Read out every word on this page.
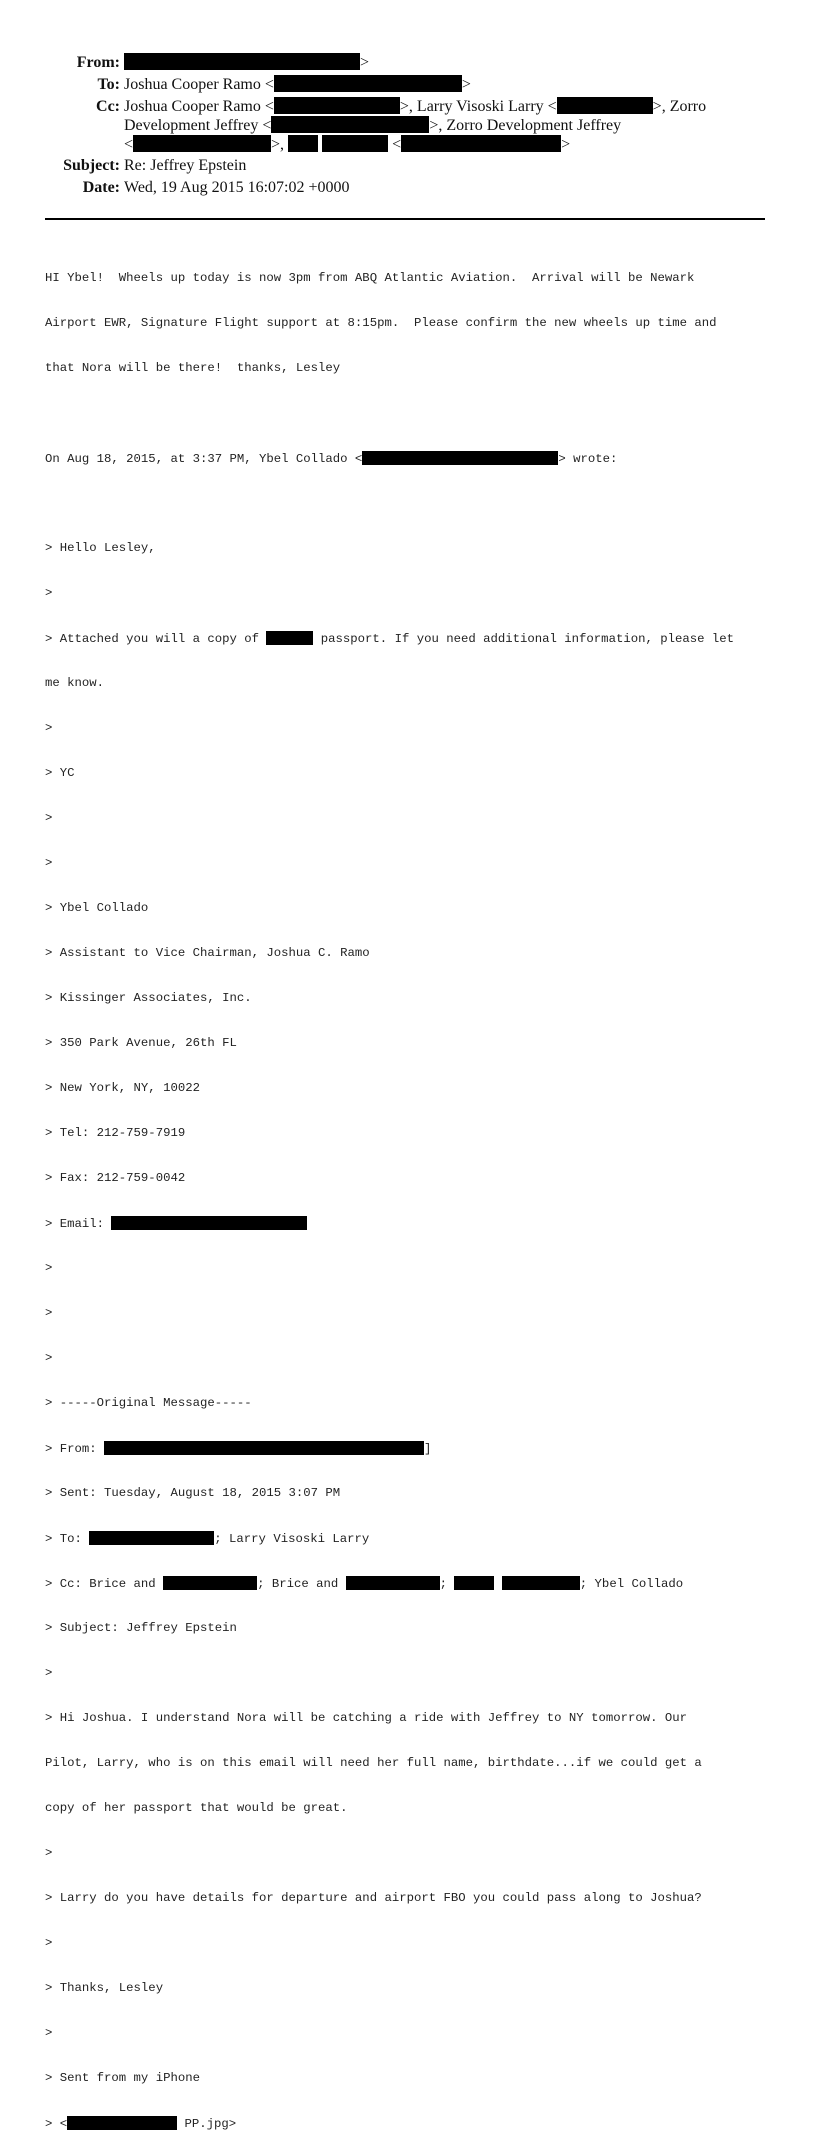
From:	>
To: Joshua Cooper Ramo <	>
Cc: Joshua Cooper Ramo <	>, Larry Visoski Larry <	>, Zorro
Development Jeffrey <	>, Zorro Development Jeffrey
<	>,	<	>
Subject: Re: Jeffrey Epstein
Date: Wed, 19 Aug 2015 16:07:02 +0000

HI Ybel!  Wheels up today is now 3pm from ABQ Atlantic Aviation.  Arrival will be Newark

Airport EWR, Signature Flight support at 8:15pm.  Please confirm the new wheels up time and

that Nora will be there!  thanks, Lesley

On Aug 18, 2015, at 3:37 PM, Ybel Collado <	> wrote:

> Hello Lesley,

>

> Attached you will a copy of	passport. If you need additional information, please let

me know.

>

> YC

>

>

> Ybel Collado

> Assistant to Vice Chairman, Joshua C. Ramo

> Kissinger Associates, Inc.

> 350 Park Avenue, 26th FL

> New York, NY, 10022

> Tel: 212-759-7919

> Fax: 212-759-0042

> Email:

>

>

>

> -----Original Message-----

> From:	]

> Sent: Tuesday, August 18, 2015 3:07 PM

> To:	; Larry Visoski Larry

> Cc: Brice and	; Brice and	;	; Ybel Collado

> Subject: Jeffrey Epstein

>

> Hi Joshua. I understand Nora will be catching a ride with Jeffrey to NY tomorrow. Our

Pilot, Larry, who is on this email will need her full name, birthdate...if we could get a

copy of her passport that would be great.

>

> Larry do you have details for departure and airport FBO you could pass along to Joshua?

>

> Thanks, Lesley

>

> Sent from my iPhone

> <	PP.jpg>
